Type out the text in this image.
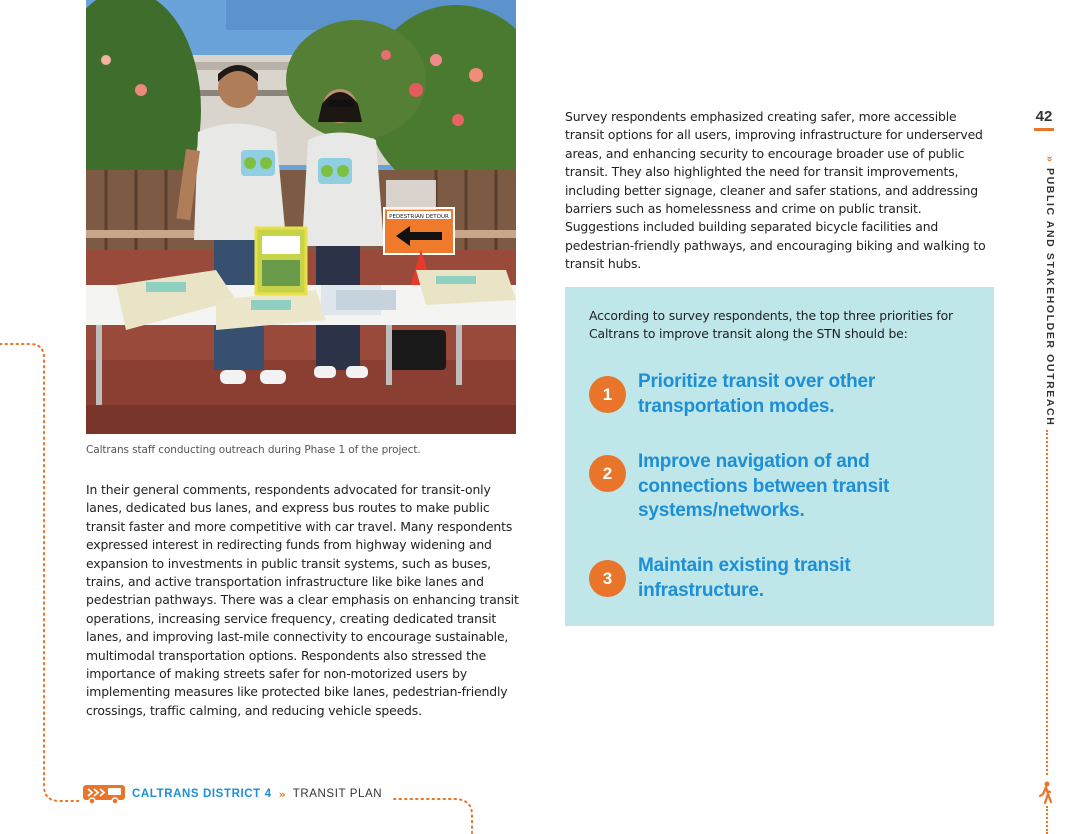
PEDESTRIAN DETOUR
Caltrans staff conducting outreach during Phase 1 of the project.
In their general comments, respondents advocated for transit-only lanes, dedicated bus lanes, and express bus routes to make public transit faster and more competitive with car travel. Many respondents expressed interest in redirecting funds from highway widening and expansion to investments in public transit systems, such as buses, trains, and active transportation infrastructure like bike lanes and pedestrian pathways. There was a clear emphasis on enhancing transit operations, increasing service frequency, creating dedicated transit lanes, and improving last-mile connectivity to encourage sustainable, multimodal transportation options. Respondents also stressed the importance of making streets safer for non-motorized users by implementing measures like protected bike lanes, pedestrian-friendly crossings, traffic calming, and reducing vehicle speeds.
Survey respondents emphasized creating safer, more accessible transit options for all users, improving infrastructure for underserved areas, and enhancing security to encourage broader use of public transit. They also highlighted the need for transit improvements, including better signage, cleaner and safer stations, and addressing barriers such as homelessness and crime on public transit. Suggestions included building separated bicycle facilities and pedestrian-friendly pathways, and encouraging biking and walking to transit hubs.
According to survey respondents, the top three priorities for Caltrans to improve transit along the STN should be:
1
Prioritize transit over other transportation modes.
2
Improve navigation of and connections between transit systems/networks.
3
Maintain existing transit infrastructure.
42
» PUBLIC AND STAKEHOLDER OUTREACH
CALTRANS DISTRICT 4 » TRANSIT PLAN
